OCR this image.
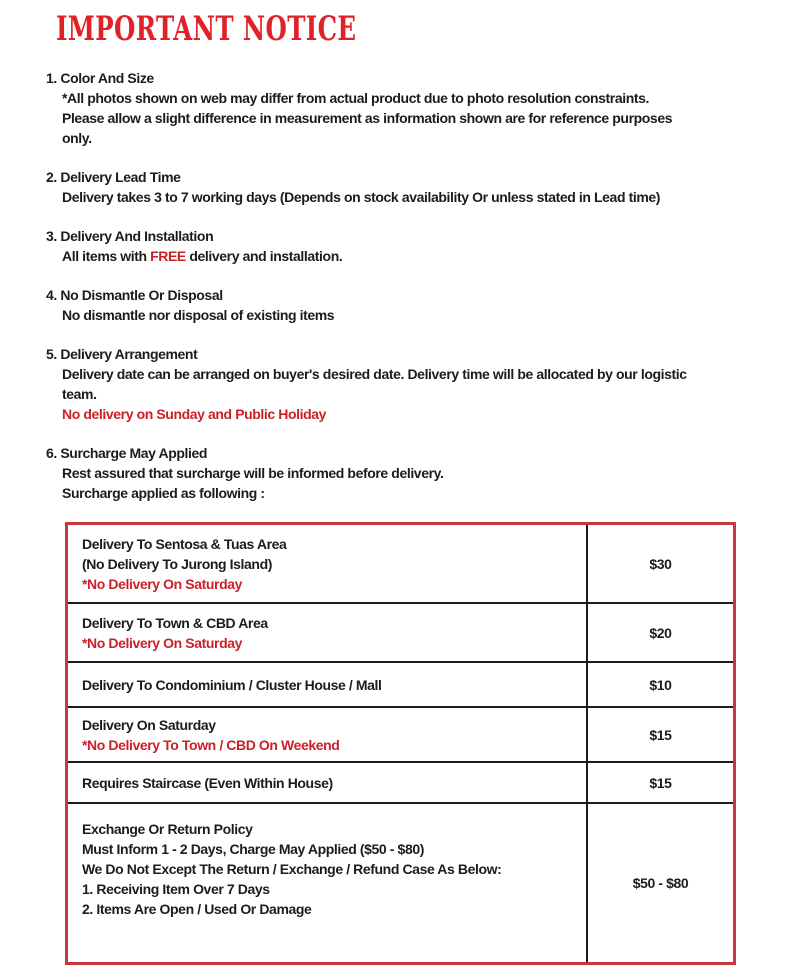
IMPORTANT NOTICE
1. Color And Size
*All photos shown on web may differ from actual product due to photo resolution constraints.
Please allow a slight difference in measurement as information shown are for reference purposes
only.
2. Delivery Lead Time
Delivery takes 3 to 7 working days (Depends on stock availability Or unless stated in Lead time)
3. Delivery And Installation
All items with FREE delivery and installation.
4. No Dismantle Or Disposal
No dismantle nor disposal of existing items
5. Delivery Arrangement
Delivery date can be arranged on buyer's desired date. Delivery time will be allocated by our logistic
team.
No delivery on Sunday and Public Holiday
6. Surcharge May Applied
Rest assured that surcharge will be informed before delivery.
Surcharge applied as following :
Delivery To Sentosa & Tuas Area
(No Delivery To Jurong Island)
*No Delivery On Saturday
$30
Delivery To Town & CBD Area
*No Delivery On Saturday
$20
Delivery To Condominium / Cluster House / Mall	$10
Delivery On Saturday
*No Delivery To Town / CBD On Weekend
$15
Requires Staircase (Even Within House)	$15
Exchange Or Return Policy
Must Inform 1 - 2 Days, Charge May Applied ($50 - $80)
We Do Not Except The Return / Exchange / Refund Case As Below:
1. Receiving Item Over 7 Days
2. Items Are Open / Used Or Damage
$50 - $80
